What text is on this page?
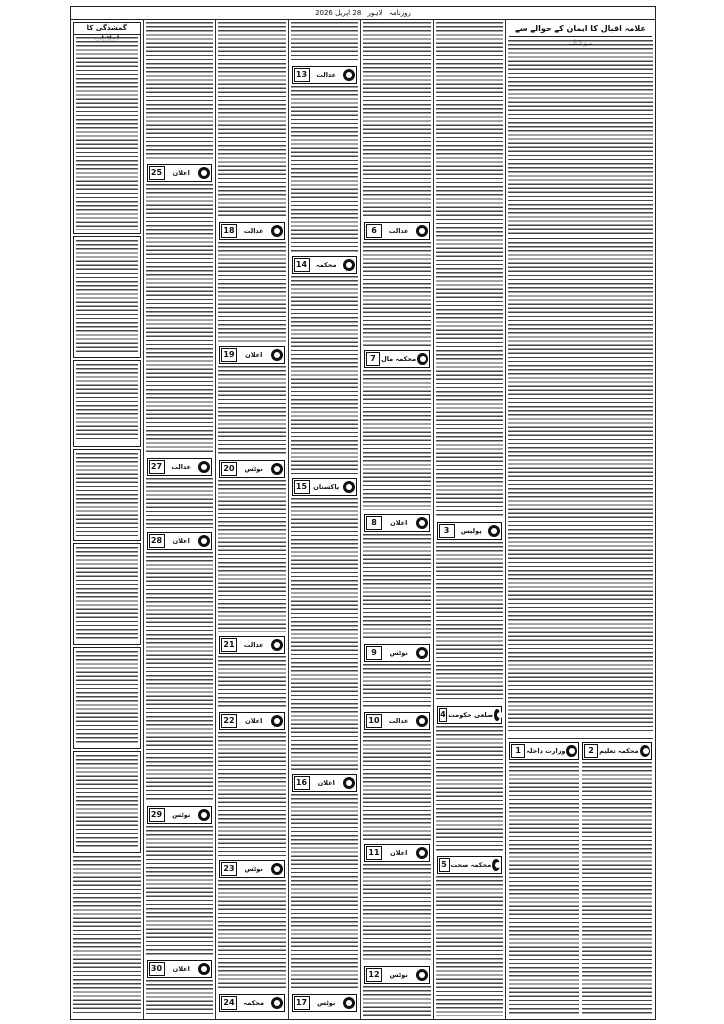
روزنامہ لاہور 28 اپریل 2026
گمشدگی کا
اعلان
25
عدالت
27
اعلان
28
نوٹس
29
اعلان
30
عدالت
18
اعلان
19
نوٹس
20
عدالت
21
اعلان
22
نوٹس
23
محکمہ
24
عدالت
13
محکمہ
14
پاکستان
15
اعلان
16
نوٹس
17
عدالت
6
محکمہ مال
7
اعلان
8
نوٹس
9
عدالت
10
اعلان
11
نوٹس
12
پولیس
3
ضلعی حکومت
4
محکمہ صحت
5
علامہ اقبال کا ایمان کے حوالے سے
وزارت داخلہ
1	محکمہ تعلیم
2
